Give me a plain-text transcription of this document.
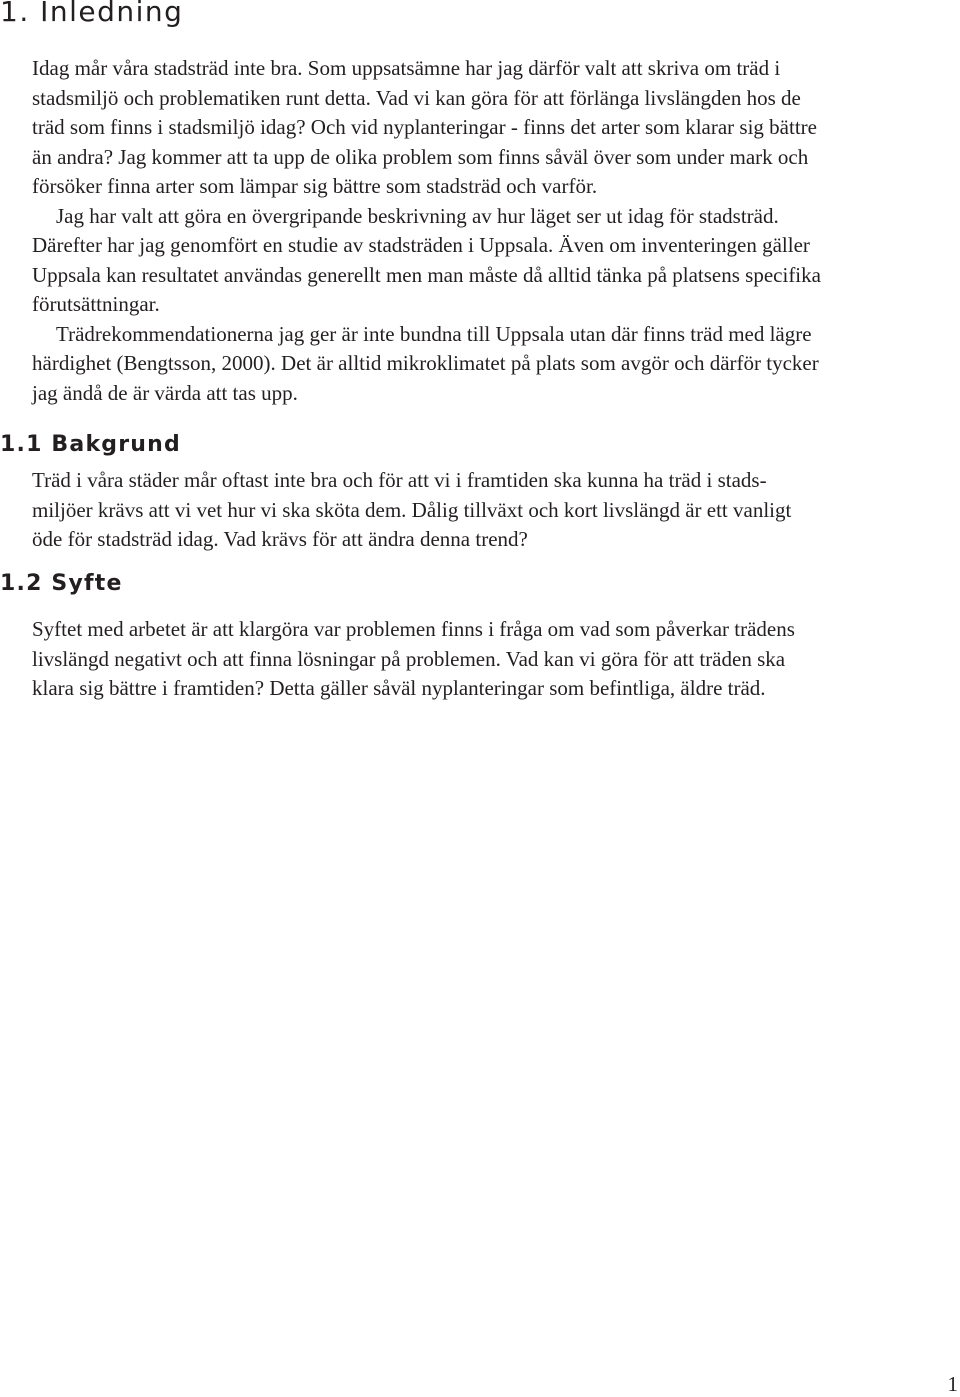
1. Inledning
Idag mår våra stadsträd inte bra. Som uppsatsämne har jag därför valt att skriva om träd i
stadsmiljö och problematiken runt detta. Vad vi kan göra för att förlänga livslängden hos de
träd som finns i stadsmiljö idag? Och vid nyplanteringar - finns det arter som klarar sig bättre
än andra? Jag kommer att ta upp de olika problem som finns såväl över som under mark och
försöker finna arter som lämpar sig bättre som stadsträd och varför.
Jag har valt att göra en övergripande beskrivning av hur läget ser ut idag för stadsträd.
Därefter har jag genomfört en studie av stadsträden i Uppsala. Även om inventeringen gäller
Uppsala kan resultatet användas generellt men man måste då alltid tänka på platsens specifika
förutsättningar.
Trädrekommendationerna jag ger är inte bundna till Uppsala utan där finns träd med lägre
härdighet (Bengtsson, 2000). Det är alltid mikroklimatet på plats som avgör och därför tycker
jag ändå de är värda att tas upp.
1.1 Bakgrund
Träd i våra städer mår oftast inte bra och för att vi i framtiden ska kunna ha träd i stads-
miljöer krävs att vi vet hur vi ska sköta dem. Dålig tillväxt och kort livslängd är ett vanligt
öde för stadsträd idag. Vad krävs för att ändra denna trend?
1.2 Syfte
Syftet med arbetet är att klargöra var problemen finns i fråga om vad som påverkar trädens
livslängd negativt och att finna lösningar på problemen. Vad kan vi göra för att träden ska
klara sig bättre i framtiden? Detta gäller såväl nyplanteringar som befintliga, äldre träd.
1
